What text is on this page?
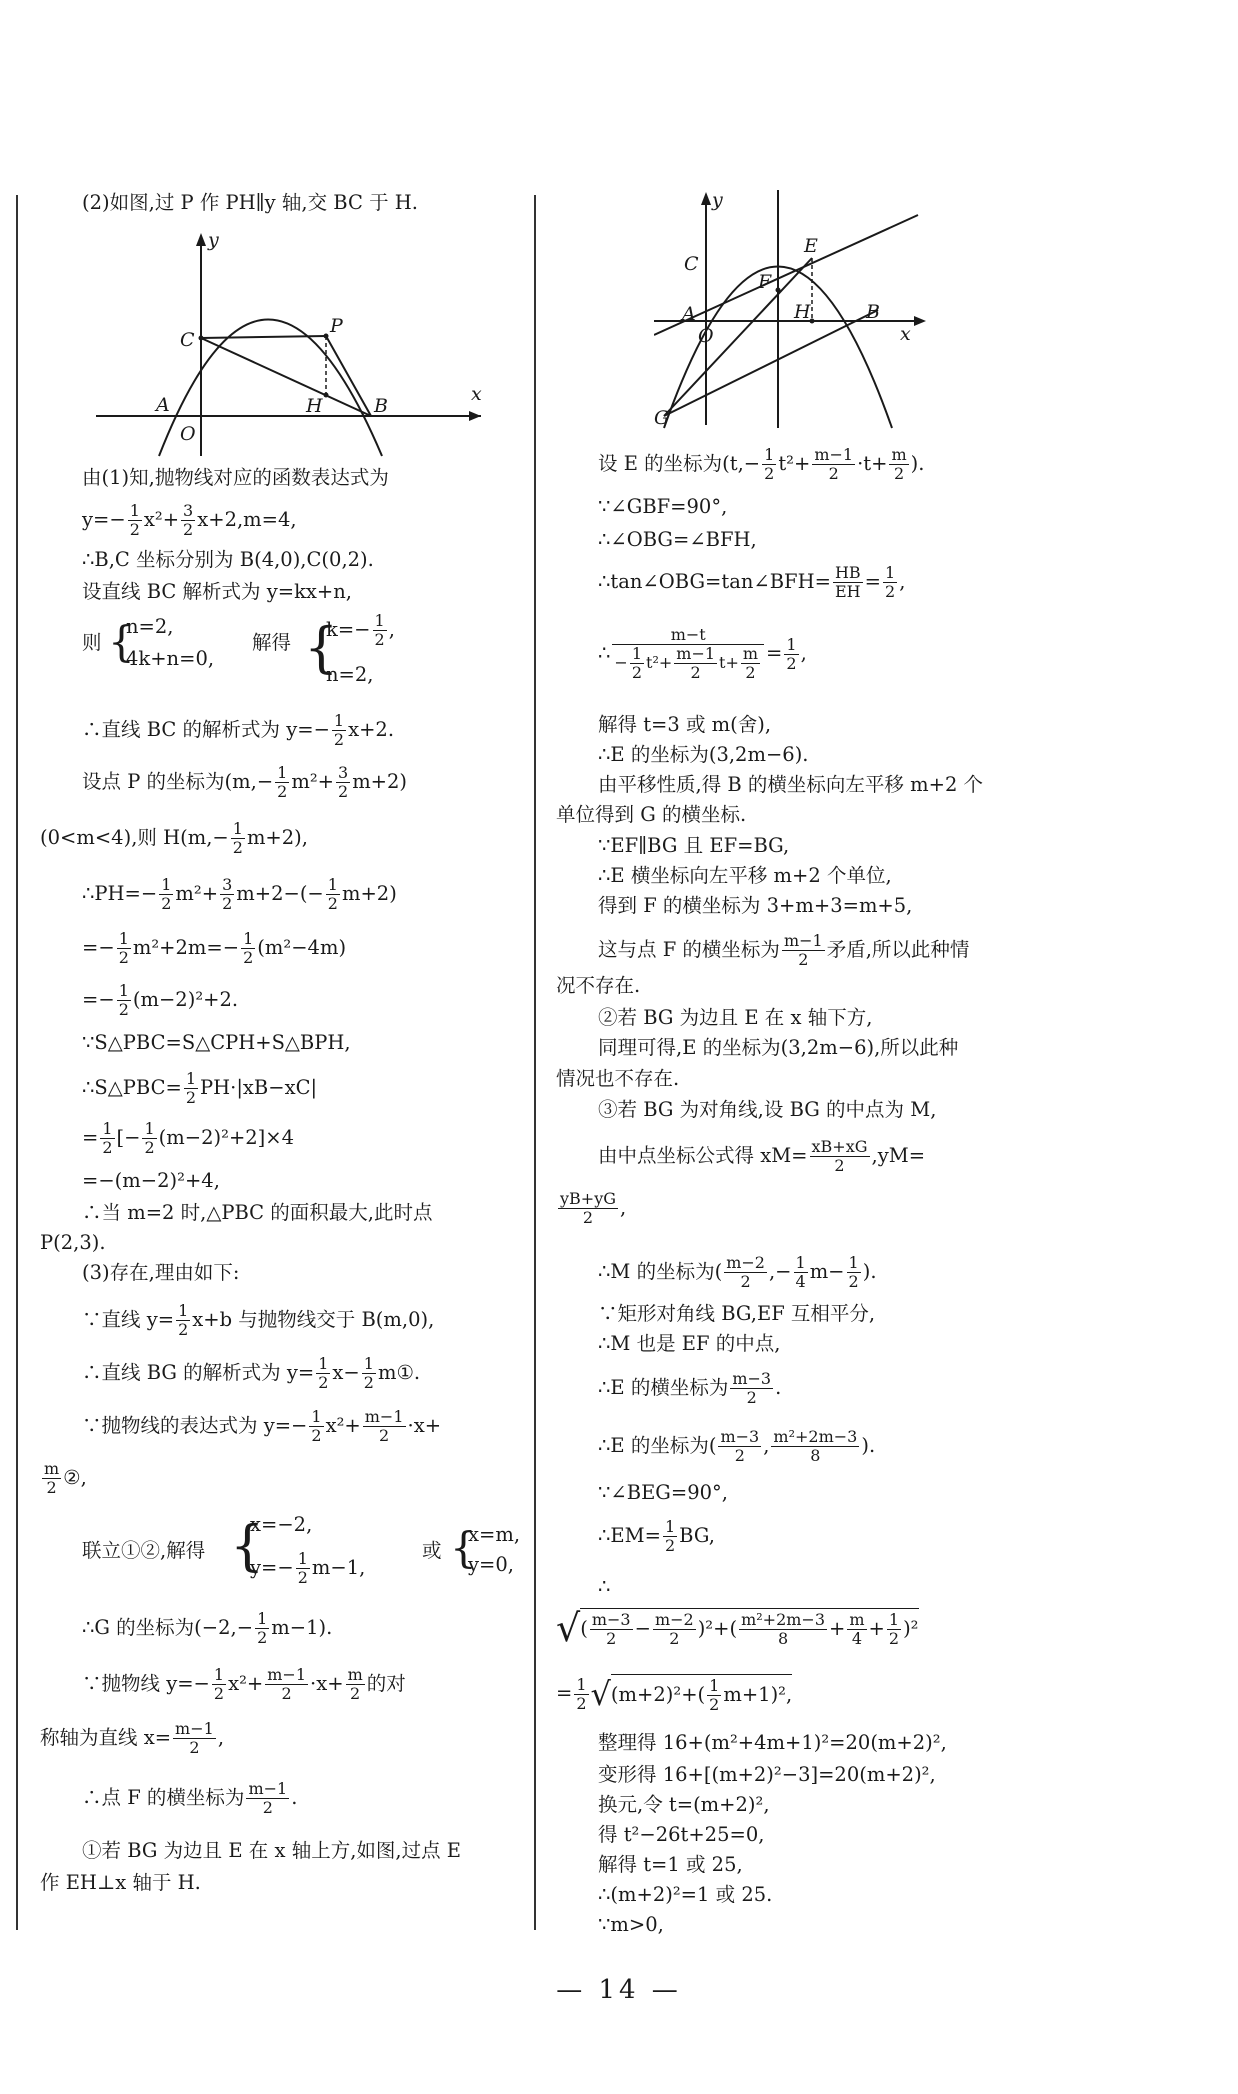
(2)如图,过 P 作 PH∥y 轴,交 BC 于 H.
y
x
C
P
A
O
H	B
由(1)知,抛物线对应的函数表达式为
$y=- \frac{1}{2} x^2+ \frac{3}{2} x+2,m=4$,
∴B,C 坐标分别为 B(4,0),C(0,2).
设直线 BC 解析式为 y=kx+n,
则 {
n=2,
4k+n=0,
解得 {
$k=- \frac{1}{2}$ ,
n=2,
∴直线 BC 的解析式为 $y=- \frac{1}{2} x+2$.
设点 P 的坐标为$(m,- \frac{1}{2} m^2+ \frac{3}{2} m+2)$
(0<m<4),则 $H(m,- \frac{1}{2} m+2)$,
∴PH=− $\frac{1}{2} m^2+ \frac{3}{2} m+2-(- \frac{1}{2} m+2)$
=− $\frac{1}{2} m^2+2m=- \frac{1}{2} (m^2-4m)$
=− $\frac{1}{2} (m-2)^2+2$.
∵S△PBC=S△CPH+S△BPH,
∴S△PBC= $\frac{1}{2} PH\cdot|xB-xC|$
= $\frac{1}{2}$ [− $\frac{1}{2} (m-2)^2+2]\times 4$
=−(m−2)²+4,
∴当 m=2 时,△PBC 的面积最大,此时点
P(2,3).
(3)存在,理由如下:
∵直线 $y= \frac{1}{2} x+b$ 与抛物线交于 B(m,0),
∴直线 BG 的解析式为 $y= \frac{1}{2} x- \frac{1}{2}$ m①.
∵抛物线的表达式为 $y=- \frac{1}{2} x^2+ \frac{m-1}{2} \cdot x+$
$\frac{m}{2}$ ②,
联立①②,解得 {
x=−2,
$y=- \frac{1}{2} m-1$,
或 {
x=m,
y=0,
∴G 的坐标为$(-2,- \frac{1}{2} m-1)$.
∵抛物线 $y=- \frac{1}{2} x^2+ \frac{m-1}{2} \cdot x+ \frac{m}{2}$ 的对
称轴为直线 $x= \frac{m-1}{2}$ ,
∴点 F 的横坐标为 $\frac{m-1}{2}$ .
①若 BG 为边且 E 在 x 轴上方,如图,过点 E
作 EH⊥x 轴于 H.
y
C
E
F
A	H	B
O	x
G
设 E 的坐标为($t,- \frac{1}{2} t^2+ \frac{m-1}{2} \cdot t+ \frac{m}{2}$ ).
∵∠GBF=90°,
∴∠OBG=∠BFH,
∴tan∠OBG=tan∠BFH= $\frac{HB}{EH} = \frac{1}{2}$ ,
∴ $\frac{m-t}{- \frac{1}{2} t^2+ \frac{m-1}{2} t+ \frac{m}{2}} = \frac{1}{2}$ ,
解得 t=3 或 m(舍),
∴E 的坐标为(3,2m−6).
由平移性质,得 B 的横坐标向左平移 m+2 个
单位得到 G 的横坐标.
∵EF∥BG 且 EF=BG,
∴E 横坐标向左平移 m+2 个单位,
得到 F 的横坐标为 3+m+3=m+5,
这与点 F 的横坐标为 $\frac{m-1}{2}$ 矛盾,所以此种情
况不存在.
②若 BG 为边且 E 在 x 轴下方,
同理可得,E 的坐标为(3,2m−6),所以此种
情况也不存在.
③若 BG 为对角线,设 BG 的中点为 M,
由中点坐标公式得 $xM= \frac{xB+xG}{2} ,yM=$
$\frac{yB+yG}{2}$ ,
∴M 的坐标为( $\frac{m-2}{2}$ ,− $\frac{1}{4} m- \frac{1}{2}$ ).
∵矩形对角线 BG,EF 互相平分,
∴M 也是 EF 的中点,
∴E 的横坐标为 $\frac{m-3}{2}$ .
∴E 的坐标为( $\frac{m-3}{2}$ , $\frac{\text{m²+2m−3}}{8}$ ).
∵∠BEG=90°,
∴EM= $\frac{1}{2}$ BG,
∴
√( $\frac{m-3}{2} - \frac{m-2}{2} )^2+( \frac{\text{m²+2m−3}}{8} + \frac{m}{4} + \frac{1}{2} )^2$
= $\frac{1}{2} √(m+2)^2+( \frac{1}{2} m+1)^2$,
整理得 16+(m²+4m+1)²=20(m+2)²,
变形得 16+[(m+2)²−3]=20(m+2)²,
换元,令 t=(m+2)²,
得 t²−26t+25=0,
解得 t=1 或 25,
∴(m+2)²=1 或 25.
∵m>0,
— 14 —
